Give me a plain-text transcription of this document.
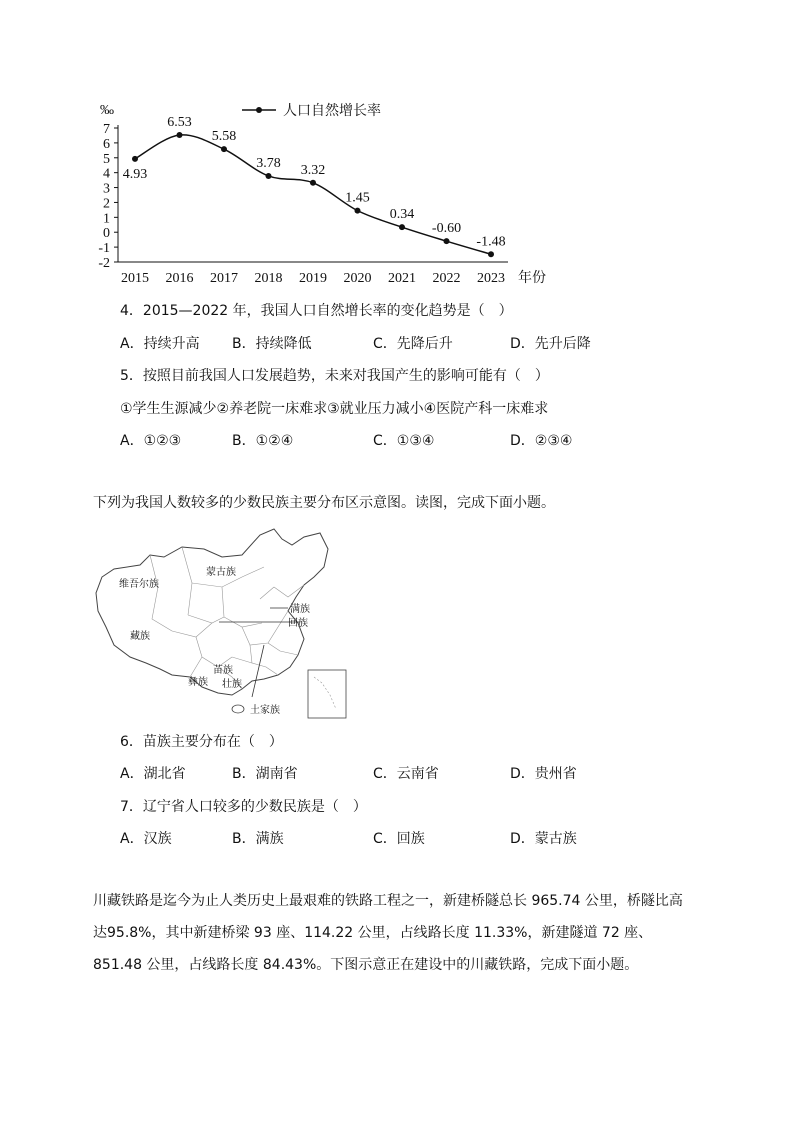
‰
7
6
5
4
3
2
1
0
-1
-2
2015 2016 2017 2018 2019 2020 2021 2022 2023
4.93
6.53
5.58
3.78 3.32
1.45
0.34
-0.60
-1.48
年份
人口自然增长率
4．2015—2022 年，我国人口自然增长率的变化趋势是（　）
A．持续升高 B．持续降低	C．先降后升	D．先升后降
5．按照目前我国人口发展趋势，未来对我国产生的影响可能有（　）
①学生生源减少②养老院一床难求③就业压力减小④医院产科一床难求
A．①②③	B．①②④	C．①③④	D．②③④
下列为我国人数较多的少数民族主要分布区示意图。读图，完成下面小题。
维吾尔族
蒙古族
满族
回族
藏族
苗族
彝族 壮族
土家族
6．苗族主要分布在（　）
A．湖北省	B．湖南省	C．云南省	D．贵州省
7．辽宁省人口较多的少数民族是（　）
A．汉族	B．满族	C．回族	D．蒙古族
川藏铁路是迄今为止人类历史上最艰难的铁路工程之一，新建桥隧总长 965.74 公里，桥隧比高达95.8%，其中新建桥梁 93 座、114.22 公里，占线路长度 11.33%，新建隧道 72 座、851.48 公里，占线路长度 84.43%。下图示意正在建设中的川藏铁路，完成下面小题。
